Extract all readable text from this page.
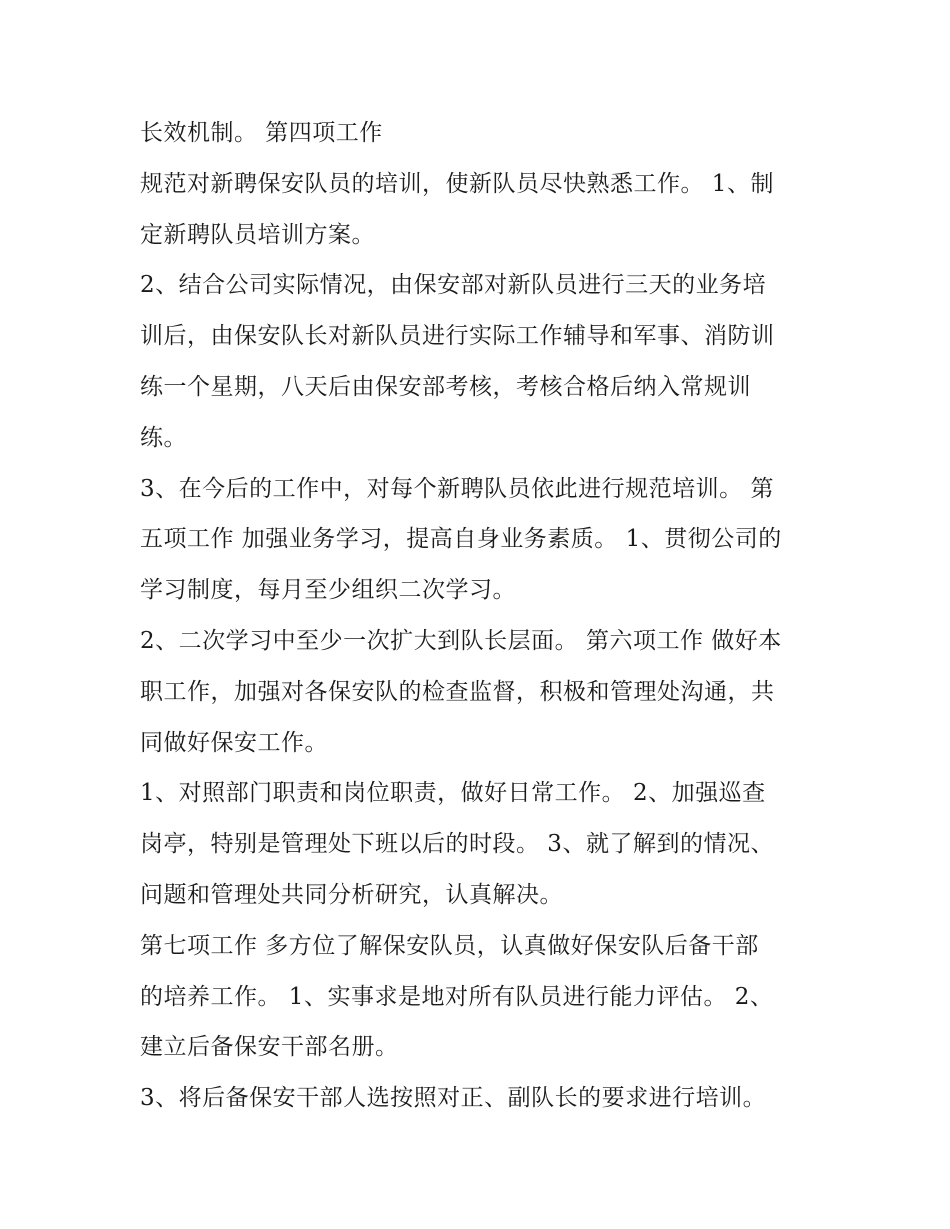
长效机制。 第四项工作
规范对新聘保安队员的培训，使新队员尽快熟悉工作。 1、制
定新聘队员培训方案。
2、结合公司实际情况，由保安部对新队员进行三天的业务培
训后，由保安队长对新队员进行实际工作辅导和军事、消防训
练一个星期，八天后由保安部考核，考核合格后纳入常规训
练。
3、在今后的工作中，对每个新聘队员依此进行规范培训。 第
五项工作 加强业务学习，提高自身业务素质。 1、贯彻公司的
学习制度，每月至少组织二次学习。
2、二次学习中至少一次扩大到队长层面。 第六项工作 做好本
职工作，加强对各保安队的检查监督，积极和管理处沟通，共
同做好保安工作。
1、对照部门职责和岗位职责，做好日常工作。 2、加强巡查
岗亭，特别是管理处下班以后的时段。 3、就了解到的情况、
问题和管理处共同分析研究，认真解决。
第七项工作 多方位了解保安队员，认真做好保安队后备干部
的培养工作。 1、实事求是地对所有队员进行能力评估。 2、
建立后备保安干部名册。
3、将后备保安干部人选按照对正、副队长的要求进行培训。
